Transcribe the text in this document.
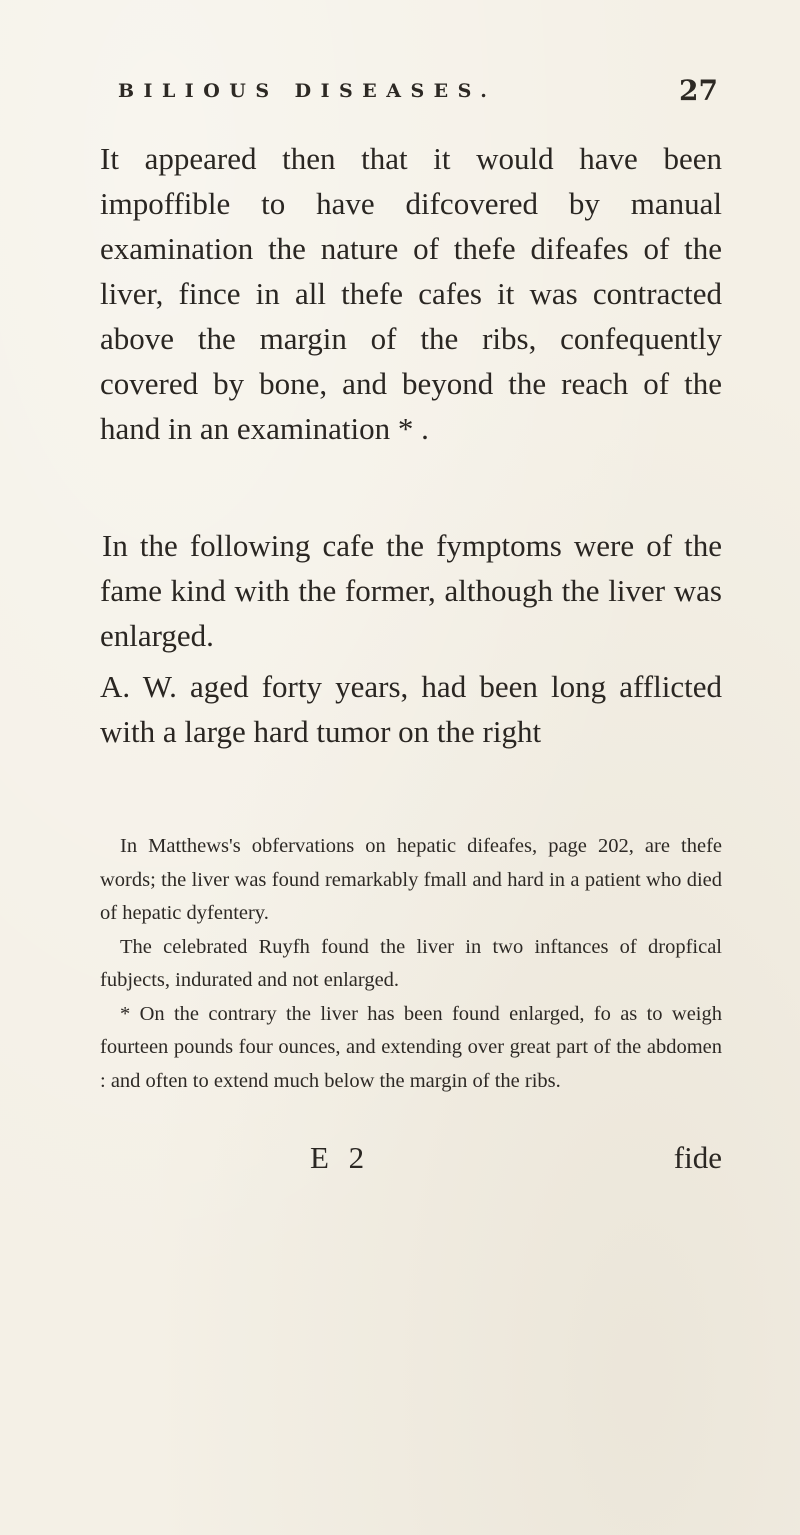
BILIOUS DISEASES.	27

It appeared then that it would have been impoffible to have difcovered by manual examination the nature of thefe difeafes of the liver, fince in all thefe cafes it was contracted above the margin of the ribs, confequently covered by bone, and beyond the reach of the hand in an examination * .

In the following cafe the fymptoms were of the fame kind with the former, although the liver was enlarged.

A. W. aged forty years, had been long afflicted with a large hard tumor on the right

In Matthews's obfervations on hepatic difeafes, page 202, are thefe words; the liver was found remarkably fmall and hard in a patient who died of hepatic dyfentery.

The celebrated Ruyfh found the liver in two inftances of dropfical fubjects, indurated and not enlarged.

* On the contrary the liver has been found enlarged, fo as to weigh fourteen pounds four ounces, and extending over great part of the abdomen : and often to extend much below the margin of the ribs.

E 2	fide
